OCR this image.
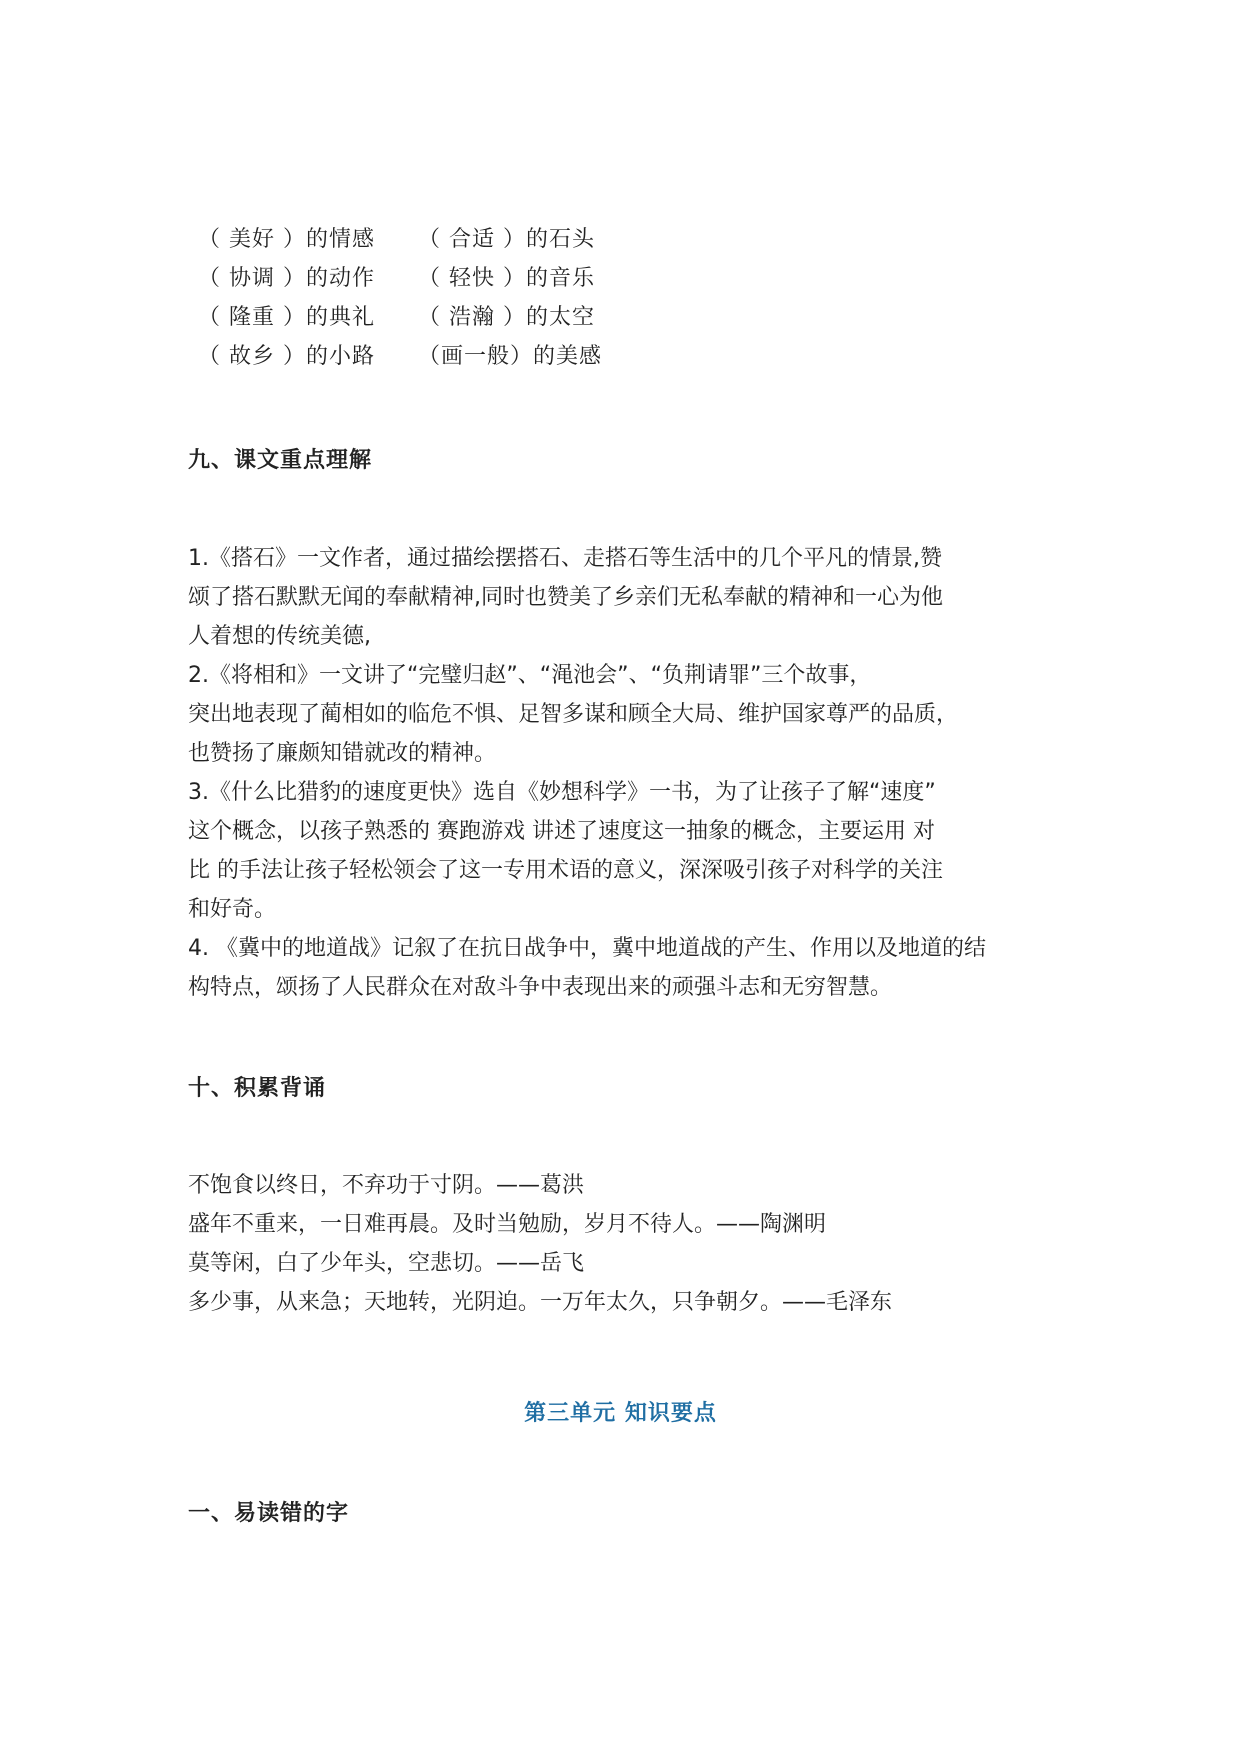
（ 美好 ）的情感	（ 合适 ）的石头
（ 协调 ）的动作	（ 轻快 ）的音乐
（ 隆重 ）的典礼	（ 浩瀚 ）的太空
（ 故乡 ）的小路	（画一般）的美感
九、课文重点理解
1.《搭石》一文作者，通过描绘摆搭石、走搭石等生活中的几个平凡的情景,赞
颂了搭石默默无闻的奉献精神,同时也赞美了乡亲们无私奉献的精神和一心为他
人着想的传统美德,
2.《将相和》一文讲了“完璧归赵”、“渑池会”、“负荆请罪”三个故事，
突出地表现了蔺相如的临危不惧、足智多谋和顾全大局、维护国家尊严的品质，
也赞扬了廉颇知错就改的精神。
3.《什么比猎豹的速度更快》选自《妙想科学》一书，为了让孩子了解“速度”
这个概念，以孩子熟悉的 赛跑游戏 讲述了速度这一抽象的概念，主要运用 对
比 的手法让孩子轻松领会了这一专用术语的意义，深深吸引孩子对科学的关注
和好奇。
4. 《冀中的地道战》记叙了在抗日战争中，冀中地道战的产生、作用以及地道的结
构特点，颂扬了人民群众在对敌斗争中表现出来的顽强斗志和无穷智慧。
十、积累背诵
不饱食以终日，不弃功于寸阴。——葛洪
盛年不重来，一日难再晨。及时当勉励，岁月不待人。——陶渊明
莫等闲，白了少年头，空悲切。——岳飞
多少事，从来急；天地转，光阴迫。一万年太久，只争朝夕。——毛泽东
第三单元 知识要点
一、易读错的字
